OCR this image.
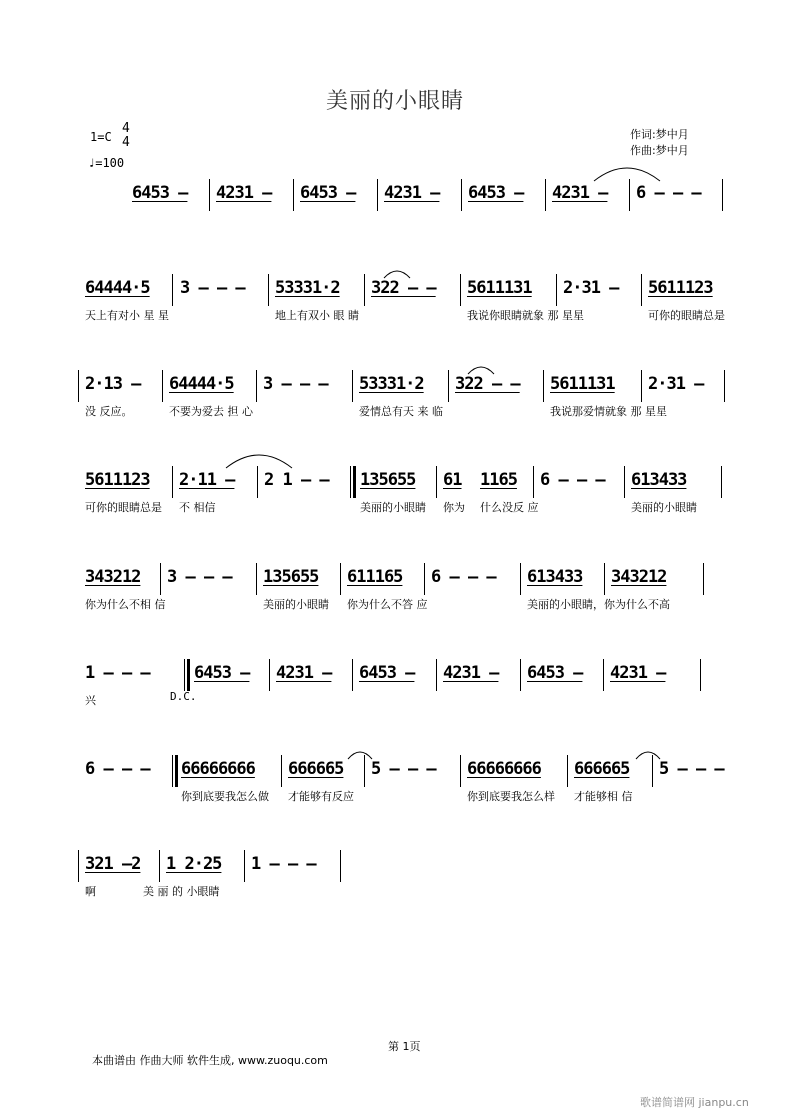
美丽的小眼睛
1=C
4
4
♩=100
作词:梦中月
作曲:梦中月
6453 – 4231 – 6453 – 4231 – 6453 – 4231 – 6 – – –
64444·5 3 – – – 53331·2 322 – – 5611131 2·31 – 5611123
天上有对小 星 星	地上有双小 眼 睛	我说你眼睛就象 那 星星	可你的眼睛总是
2·13 – 64444·5 3 – – – 53331·2 322 – – 5611131 2·31 –
没 反应。	不要为爱去 担 心	爱情总有天 来 临	我说那爱情就象 那 星星
5611123 2·11 – 2 1 – – 135655 61 1165 6 – – – 613433
可你的眼睛总是 不 相信	美丽的小眼睛 你为 什么没反 应	美丽的小眼睛
343212 3 – – – 135655 611165 6 – – – 613433 343212
你为什么不相 信	美丽的小眼睛 你为什么不答 应	美丽的小眼睛，你为什么不高
1 – – –	6453 – 4231 – 6453 – 4231 – 6453 – 4231 –
兴	D.C.
6 – – – 66666666 666665 5 – – – 66666666 666665 5 – – –
你到底要我怎么做 才能够有反应	你到底要我怎么样 才能够相 信
321 –2 1 2·25 1 – – –
啊	美 丽 的 小眼睛
第 1页
本曲谱由 作曲大师 软件生成, www.zuoqu.com
歌谱简谱网 jianpu.cn
